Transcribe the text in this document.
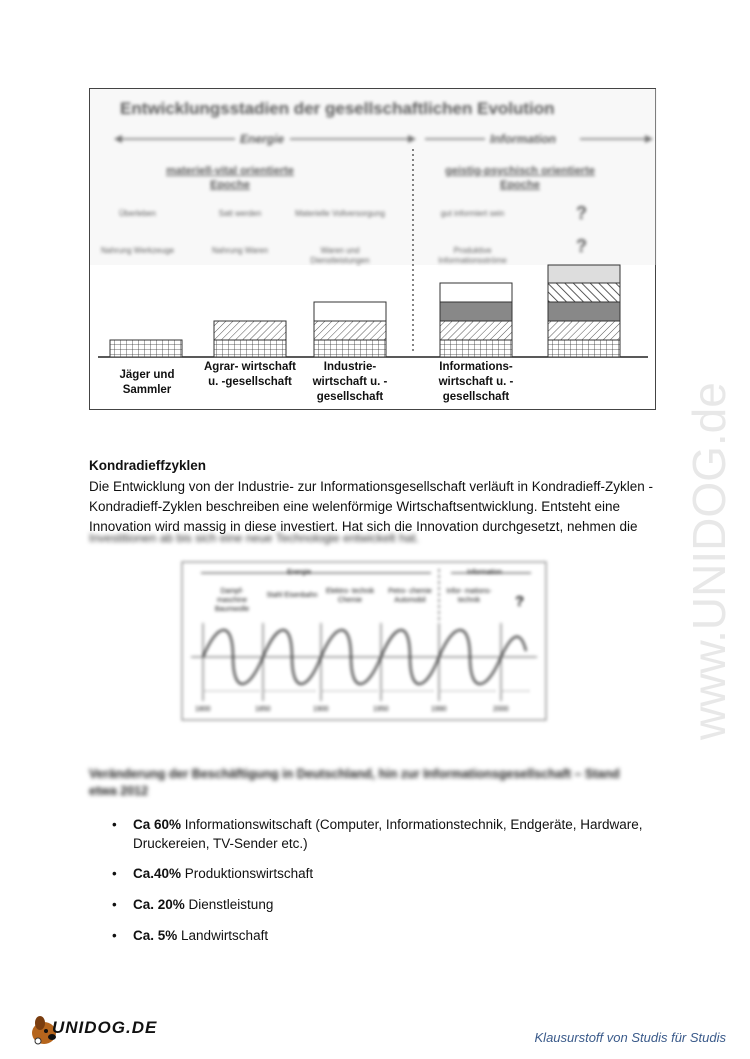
Entwicklungsstadien der gesellschaftlichen Evolution
Energie	Information
materiell-vital orientierte Epoche
geistig-psychisch orientierte Epoche
Überleben	Satt werden	Materielle Vollversorgung	gut informiert sein	?
Nahrung Werkzeuge	Nahrung Waren	Waren und Dienstleistungen
Produktive Informationsströme
?
Jäger und Sammler
Agrar- wirtschaft u. -gesellschaft
Industrie- wirtschaft u. -gesellschaft
Informations- wirtschaft u. -gesellschaft
Kondradieffzyklen
Die Entwicklung von der Industrie- zur Informationsgesellschaft verläuft in Kondradieff-Zyklen - Kondradieff-Zyklen beschreiben eine welenförmige Wirtschaftsentwicklung. Entsteht eine Innovation wird massig in diese investiert. Hat sich die Innovation durchgesetzt, nehmen die
Investitionen ab bis sich eine neue Technologie entwickelt hat.
Energie	Information
Dampf- maschine Baumwolle
Stahl Eisenbahn
Elektro- technik Chemie
Petro- chemie Automobil
Infor- mations- technik	?
1800	1850	1900	1950	1990	2000
Veränderung der Beschäftigung in Deutschland, hin zur Informationsgesellschaft – Stand etwa 2012
• Ca 60% Informationswitschaft (Computer, Informationstechnik, Endgeräte, Hardware, Druckereien, TV-Sender etc.)
• Ca.40% Produktionswirtschaft
• Ca. 20% Dienstleistung
• Ca. 5% Landwirtschaft
www.UNIDOG.de
UNIDOG.DE
Klausurstoff von Studis für Studis
